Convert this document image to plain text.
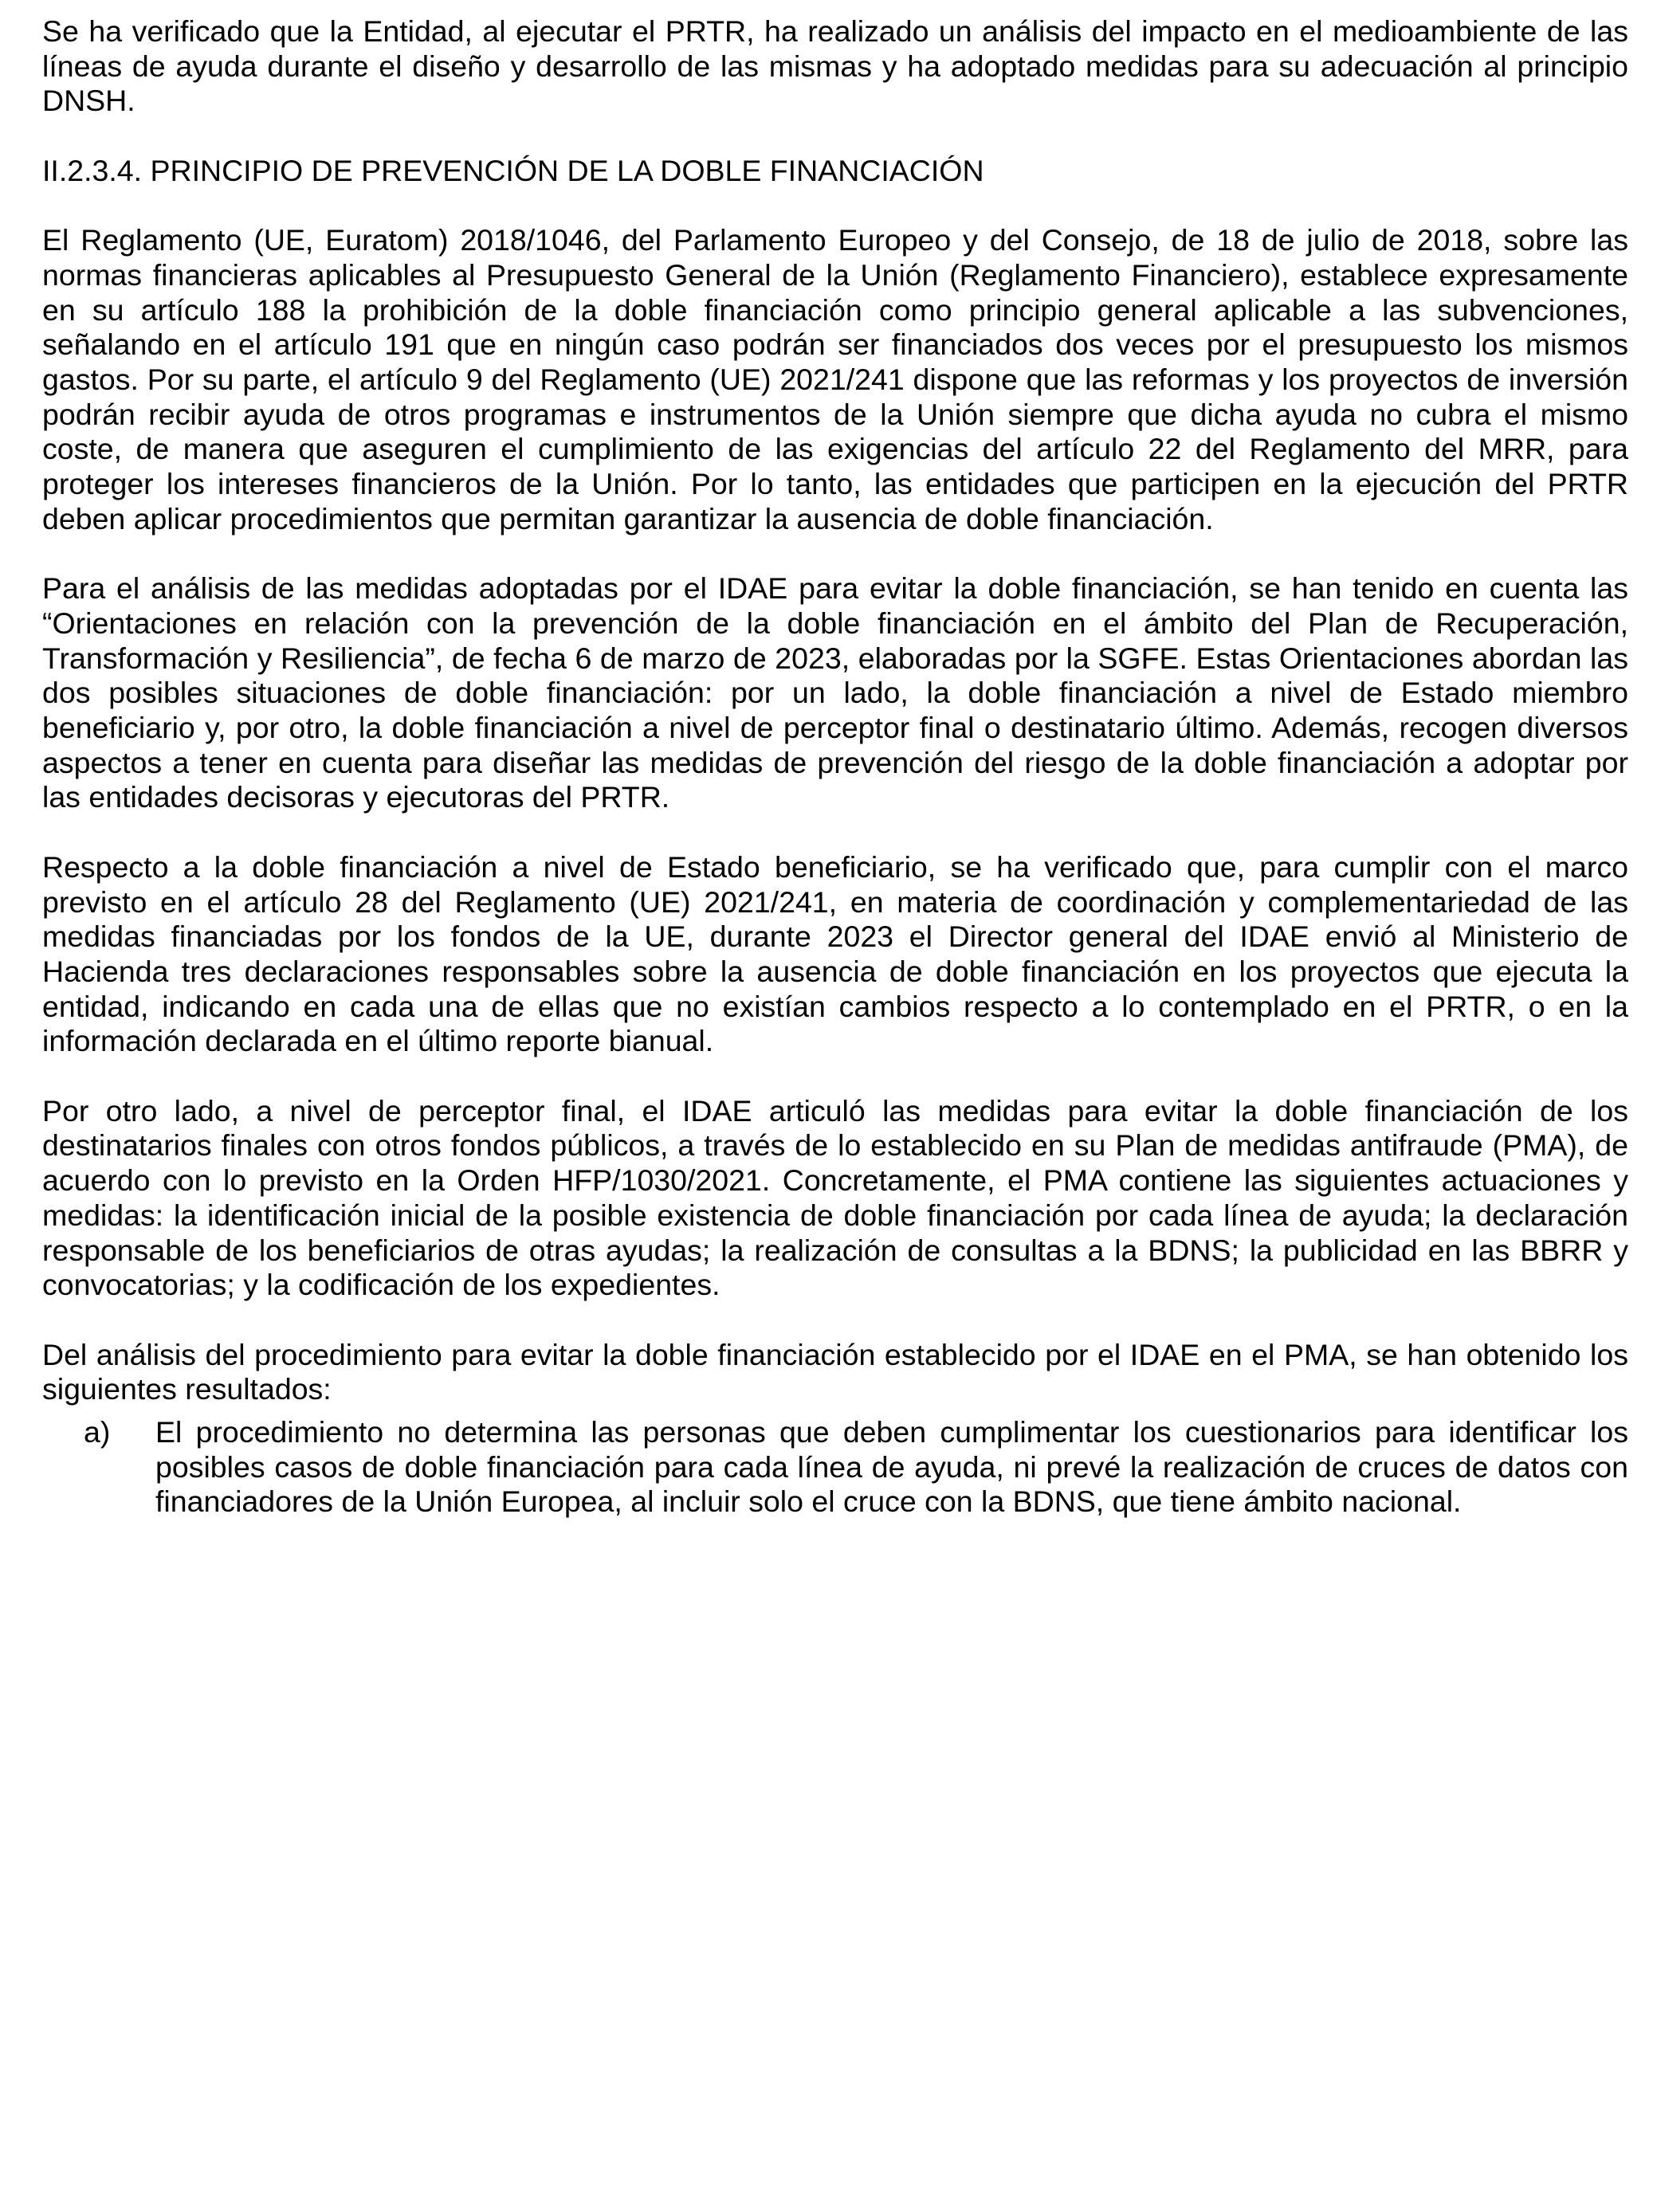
Se ha verificado que la Entidad, al ejecutar el PRTR, ha realizado un análisis del impacto en el medioambiente de las líneas de ayuda durante el diseño y desarrollo de las mismas y ha adoptado medidas para su adecuación al principio DNSH.

II.2.3.4. PRINCIPIO DE PREVENCIÓN DE LA DOBLE FINANCIACIÓN

El Reglamento (UE, Euratom) 2018/1046, del Parlamento Europeo y del Consejo, de 18 de julio de 2018, sobre las normas financieras aplicables al Presupuesto General de la Unión (Reglamento Financiero), establece expresamente en su artículo 188 la prohibición de la doble financiación como principio general aplicable a las subvenciones, señalando en el artículo 191 que en ningún caso podrán ser financiados dos veces por el presupuesto los mismos gastos. Por su parte, el artículo 9 del Reglamento (UE) 2021/241 dispone que las reformas y los proyectos de inversión podrán recibir ayuda de otros programas e instrumentos de la Unión siempre que dicha ayuda no cubra el mismo coste, de manera que aseguren el cumplimiento de las exigencias del artículo 22 del Reglamento del MRR, para proteger los intereses financieros de la Unión. Por lo tanto, las entidades que participen en la ejecución del PRTR deben aplicar procedimientos que permitan garantizar la ausencia de doble financiación.

Para el análisis de las medidas adoptadas por el IDAE para evitar la doble financiación, se han tenido en cuenta las “Orientaciones en relación con la prevención de la doble financiación en el ámbito del Plan de Recuperación, Transformación y Resiliencia”, de fecha 6 de marzo de 2023, elaboradas por la SGFE. Estas Orientaciones abordan las dos posibles situaciones de doble financiación: por un lado, la doble financiación a nivel de Estado miembro beneficiario y, por otro, la doble financiación a nivel de perceptor final o destinatario último. Además, recogen diversos aspectos a tener en cuenta para diseñar las medidas de prevención del riesgo de la doble financiación a adoptar por las entidades decisoras y ejecutoras del PRTR.

Respecto a la doble financiación a nivel de Estado beneficiario, se ha verificado que, para cumplir con el marco previsto en el artículo 28 del Reglamento (UE) 2021/241, en materia de coordinación y complementariedad de las medidas financiadas por los fondos de la UE, durante 2023 el Director general del IDAE envió al Ministerio de Hacienda tres declaraciones responsables sobre la ausencia de doble financiación en los proyectos que ejecuta la entidad, indicando en cada una de ellas que no existían cambios respecto a lo contemplado en el PRTR, o en la información declarada en el último reporte bianual.

Por otro lado, a nivel de perceptor final, el IDAE articuló las medidas para evitar la doble financiación de los destinatarios finales con otros fondos públicos, a través de lo establecido en su Plan de medidas antifraude (PMA), de acuerdo con lo previsto en la Orden HFP/1030/2021. Concretamente, el PMA contiene las siguientes actuaciones y medidas: la identificación inicial de la posible existencia de doble financiación por cada línea de ayuda; la declaración responsable de los beneficiarios de otras ayudas; la realización de consultas a la BDNS; la publicidad en las BBRR y convocatorias; y la codificación de los expedientes.

Del análisis del procedimiento para evitar la doble financiación establecido por el IDAE en el PMA, se han obtenido los siguientes resultados:

a)	El procedimiento no determina las personas que deben cumplimentar los cuestionarios para identificar los posibles casos de doble financiación para cada línea de ayuda, ni prevé la realización de cruces de datos con financiadores de la Unión Europea, al incluir solo el cruce con la BDNS, que tiene ámbito nacional.
